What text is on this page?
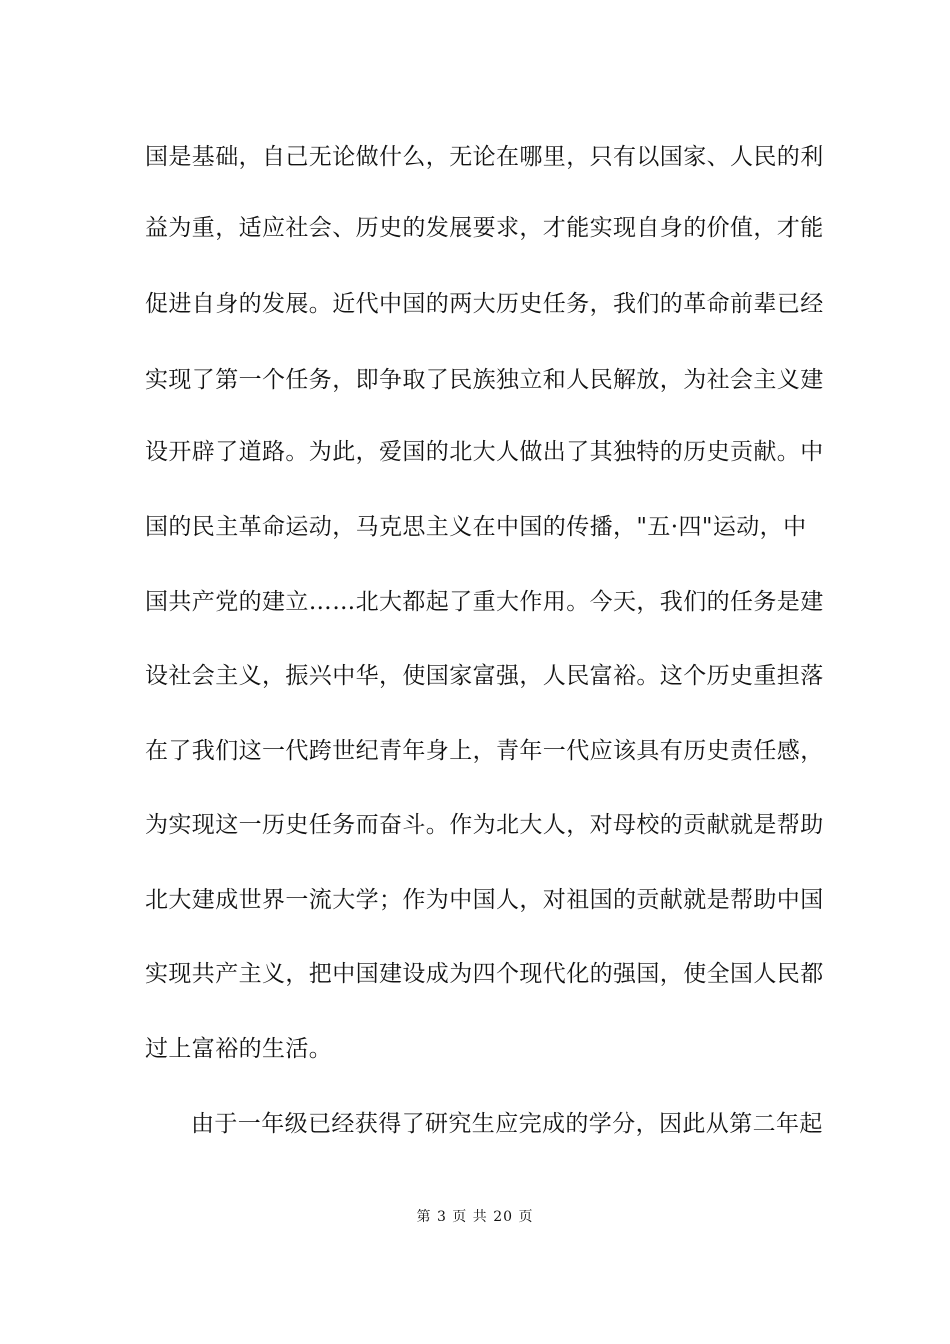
国是基础，自己无论做什么，无论在哪里，只有以国家、人民的利
益为重，适应社会、历史的发展要求，才能实现自身的价值，才能
促进自身的发展。近代中国的两大历史任务，我们的革命前辈已经
实现了第一个任务，即争取了民族独立和人民解放，为社会主义建
设开辟了道路。为此，爱国的北大人做出了其独特的历史贡献。中
国的民主革命运动，马克思主义在中国的传播，"五·四"运动，中
国共产党的建立……北大都起了重大作用。今天，我们的任务是建
设社会主义，振兴中华，使国家富强，人民富裕。这个历史重担落
在了我们这一代跨世纪青年身上，青年一代应该具有历史责任感，
为实现这一历史任务而奋斗。作为北大人，对母校的贡献就是帮助
北大建成世界一流大学；作为中国人，对祖国的贡献就是帮助中国
实现共产主义，把中国建设成为四个现代化的强国，使全国人民都
过上富裕的生活。
由于一年级已经获得了研究生应完成的学分，因此从第二年起
第 3 页 共 20 页
